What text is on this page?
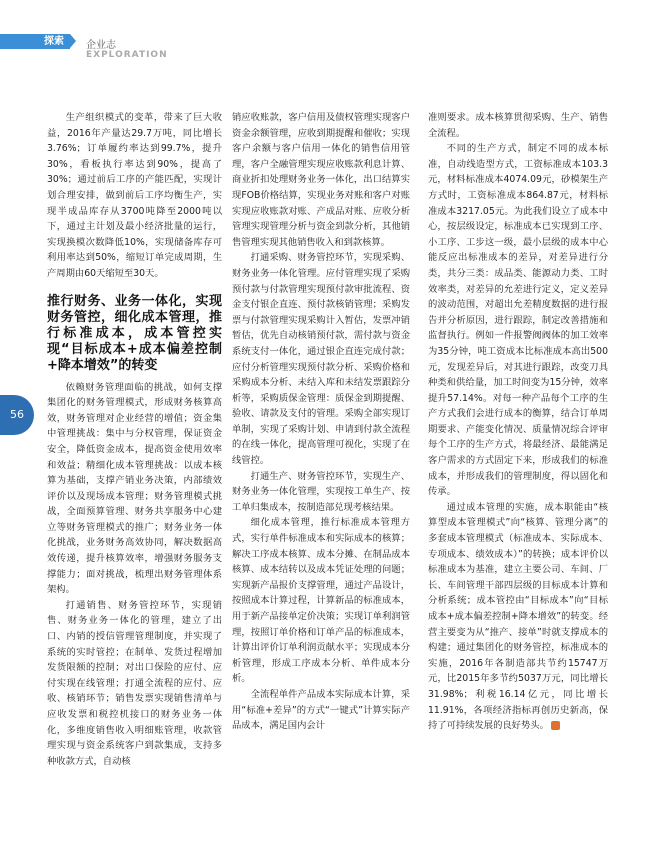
探索	企业志
EXPLORATION
56

生产组织模式的变革，带来了巨大收益，2016年产量达29.7万吨，同比增长3.76%；订单履约率达到99.7%，提升30%，看板执行率达到90%，提高了30%；通过前后工序的产能匹配，实现计划合理安排，做到前后工序均衡生产，实现半成品库存从3700吨降至2000吨以下，通过主计划及最小经济批量的运行，实现换模次数降低10%，实现储备库存可利用率达到50%，缩短订单完成周期，生产周期由60天缩短至30天。

推行财务、业务一体化，实现财务管控，细化成本管理，推行标准成本，成本管控实现“目标成本+成本偏差控制+降本增效”的转变

依赖财务管理面临的挑战，如何支撑集团化的财务管理模式，形成财务核算高效，财务管理对企业经营的增值；资金集中管理挑战：集中与分权管理，保证资金安全，降低资金成本，提高资金使用效率和效益；精细化成本管理挑战：以成本核算为基础，支撑产销业务决策，内部绩效评价以及现场成本管理；财务管理模式挑战，全面预算管理、财务共享服务中心建立等财务管理模式的推广；财务业务一体化挑战，业务财务高效协同，解决数据高效传递，提升核算效率，增强财务服务支撑能力；面对挑战，梳理出财务管理体系架构。

打通销售、财务管控环节，实现销售、财务业务一体化的管理，建立了出口、内销的授信管理管理制度，并实现了系统的实时管控；在制单、发货过程增加发货限额的控制；对出口保险的应付、应付实现在线管理；打通全流程的应付、应收、核销环节；销售发票实现销售清单与应收发票和税控机接口的财务业务一体化，多维度销售收入明细账管理，收款管理实现与资金系统客户到款集成，支持多种收款方式，自动核

销应收账款，客户信用及债权管理实现客户资金余额管理，应收到期提醒和催收；实现客户余额与客户信用一体化的销售信用管理，客户全融管理实现应收账款利息计算、商业折扣处理财务业务一体化，出口结算实现FOB价格结算，实现业务对账和客户对账实现应收账款对账、产成品对账、应收分析管理实现管理分析与资金到款分析，其他销售管理实现其他销售收入和到款核算。

打通采购、财务管控环节，实现采购、财务业务一体化管理。应付管理实现了采购预付款与付款管理实现预付款审批流程、资金支付银企直连、预付款核销管理；采购发票与付款管理实现采购计入暂估，发票冲销暂估，优先自动核销预付款，需付款与资金系统支付一体化，通过银企直连完成付款；应付分析管理实现预付款分析、采购价格和采购成本分析、未结入库和未结发票跟踪分析等，采购质保金管理：质保金到期提醒、验收、请款及支付的管理。采购全部实现订单制，实现了采购计划、申请到付款全流程的在线一体化，提高管理可视化，实现了在线管控。

打通生产、财务管控环节，实现生产、财务业务一体化管理，实现按工单生产、按工单归集成本，按制造部兑现考核结果。

细化成本管理，推行标准成本管理方式，实行单件标准成本和实际成本的核算；解决工序成本核算、成本分摊、在制品成本核算、成本结转以及成本凭证处理的问题；实现新产品报价支撑管理，通过产品设计，按照成本计算过程，计算新品的标准成本，用于新产品接单定价决策；实现订单利润管理，按照订单价格和订单产品的标准成本，计算出评价订单利润贡献水平；实现成本分析管理，形成工序成本分析、单件成本分析。

全流程单件产品成本实际成本计算，采用“标准+差异”的方式“一键式”计算实际产品成本，满足国内会计

准则要求。成本核算贯彻采购、生产、销售全流程。

不同的生产方式，制定不同的成本标准，自动线造型方式，工资标准成本103.3元，材料标准成本4074.09元，砂模架生产方式时，工资标准成本864.87元，材料标准成本3217.05元。为此我们设立了成本中心，按层级设定，标准成本已实现到工序、小工序、工步这一级，最小层级的成本中心能反应出标准成本的差异，对差异进行分类，共分三类：成品类、能源动力类、工时效率类，对差异的允差进行定义，定义差异的波动范围，对超出允差精度数据的进行报告并分析原因，进行跟踪，制定改善措施和监督执行。例如一件报警阀阀体的加工效率为35分钟，吨工资成本比标准成本高出500元，发现差异后，对其进行跟踪，改变刀具种类和供给量，加工时间变为15分钟，效率提升57.14%。对每一种产品每个工序的生产方式我们会进行成本的衡算，结合订单周期要求、产能变化情况、质量情况综合评审每个工序的生产方式，将最经济、最能满足客户需求的方式固定下来，形成我们的标准成本，并形成我们的管理制度，得以固化和传承。

通过成本管理的实施，成本职能由“核算型成本管理模式”向“核算、管理分离”的多套成本管理模式（标准成本、实际成本、专项成本、绩效成本）”的转换；成本评价以标准成本为基准，建立主要公司、车间、厂长、车间管理干部四层级的目标成本计算和分析系统；成本管控由“目标成本”向“目标成本+成本偏差控制+降本增效”的转变。经营主要变为从“推产、接单”时就支撑成本的构建；通过集团化的财务管控，标准成本的实施，2016年各制造部共节约15747万元，比2015年多节约5037万元，同比增长31.98%；利税16.14亿元，同比增长11.91%，各项经济指标再创历史新高，保持了可持续发展的良好势头。	⊙
